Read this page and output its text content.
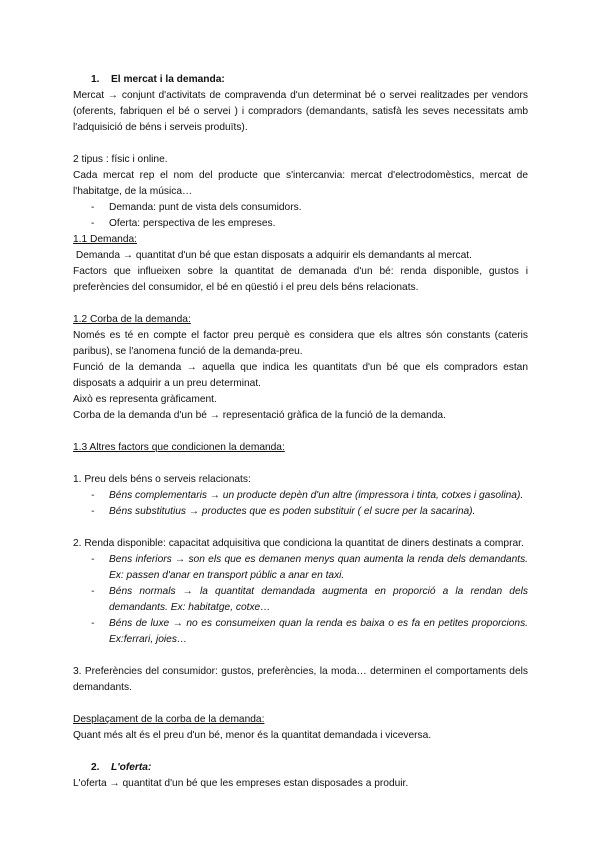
1. El mercat i la demanda:

Mercat → conjunt d'activitats de compravenda d'un determinat bé o servei realitzades per vendors (oferents, fabriquen el bé o servei ) i compradors (demandants, satisfà les seves necessitats amb l'adquisició de béns i serveis produïts).

2 tipus : físic i online.

Cada mercat rep el nom del producte que s'intercanvia: mercat d'electrodomèstics, mercat de l'habitatge, de la música…

- Demanda: punt de vista dels consumidors.
- Oferta: perspectiva de les empreses.

1.1 Demanda:

Demanda → quantitat d'un bé que estan disposats a adquirir els demandants al mercat.

Factors que influeixen sobre la quantitat de demanada d'un bé: renda disponible, gustos i preferències del consumidor, el bé en qüestió i el preu dels béns relacionats.

1.2 Corba de la demanda:

Només es té en compte el factor preu perquè es considera que els altres són constants (cateris paribus), se l'anomena funció de la demanda-preu.

Funció de la demanda → aquella que indica les quantitats d'un bé que els compradors estan disposats a adquirir a un preu determinat.

Això es representa gràficament.

Corba de la demanda d'un bé → representació gràfica de la funció de la demanda.

1.3 Altres factors que condicionen la demanda:

1. Preu dels béns o serveis relacionats:

- Béns complementaris → un producte depèn d'un altre (impressora i tinta, cotxes i gasolina).
- Béns substitutius → productes que es poden substituir ( el sucre per la sacarina).

2. Renda disponible: capacitat adquisitiva que condiciona la quantitat de diners destinats a comprar.

- Bens inferiors → son els que es demanen menys quan aumenta la renda dels demandants. Ex: passen d'anar en transport públic a anar en taxi.
- Béns normals → la quantitat demandada augmenta en proporció a la rendan dels demandants. Ex: habitatge, cotxe…
- Béns de luxe → no es consumeixen quan la renda es baixa o es fa en petites proporcions. Ex:ferrari, joies…

3. Preferències del consumidor: gustos, preferències, la moda… determinen el comportaments dels demandants.

Desplaçament de la corba de la demanda:

Quant més alt és el preu d'un bé, menor és la quantitat demandada i viceversa.

2. L'oferta:

L'oferta → quantitat d'un bé que les empreses estan disposades a produir.
